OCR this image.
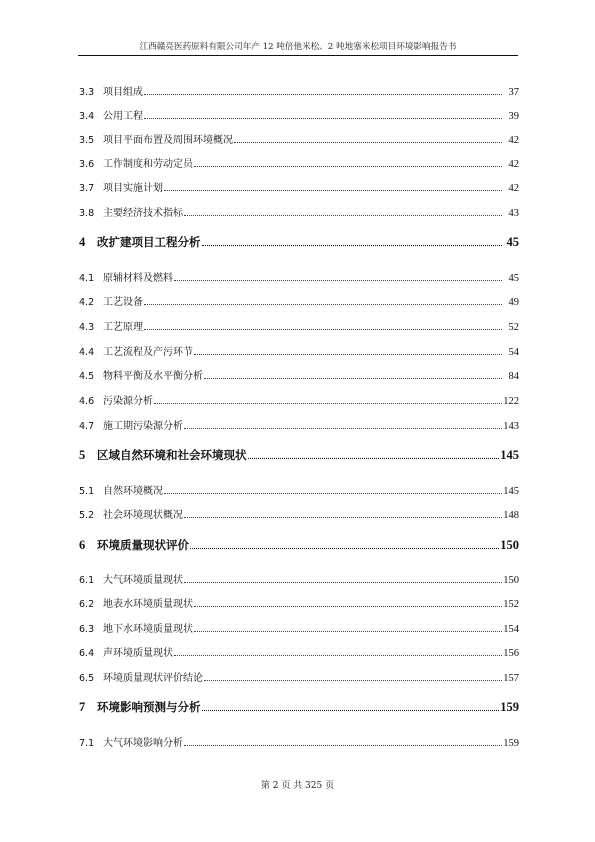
江西赣亮医药原料有限公司年产 12 吨倍他米松、2 吨地塞米松项目环境影响报告书
3.3 项目组成	37
3.4 公用工程	39
3.5 项目平面布置及周围环境概况	42
3.6 工作制度和劳动定员	42
3.7 项目实施计划	42
3.8 主要经济技术指标	43
4	改扩建项目工程分析	45
4.1 原辅材料及燃料	45
4.2 工艺设备	49
4.3 工艺原理	52
4.4 工艺流程及产污环节	54
4.5 物料平衡及水平衡分析	84
4.6 污染源分析	122
4.7 施工期污染源分析	143
5	区域自然环境和社会环境现状	145
5.1 自然环境概况	145
5.2 社会环境现状概况	148
6	环境质量现状评价	150
6.1 大气环境质量现状	150
6.2 地表水环境质量现状	152
6.3 地下水环境质量现状	154
6.4 声环境质量现状	156
6.5 环境质量现状评价结论	157
7	环境影响预测与分析	159
7.1 大气环境影响分析	159
第 2 页 共 325 页
